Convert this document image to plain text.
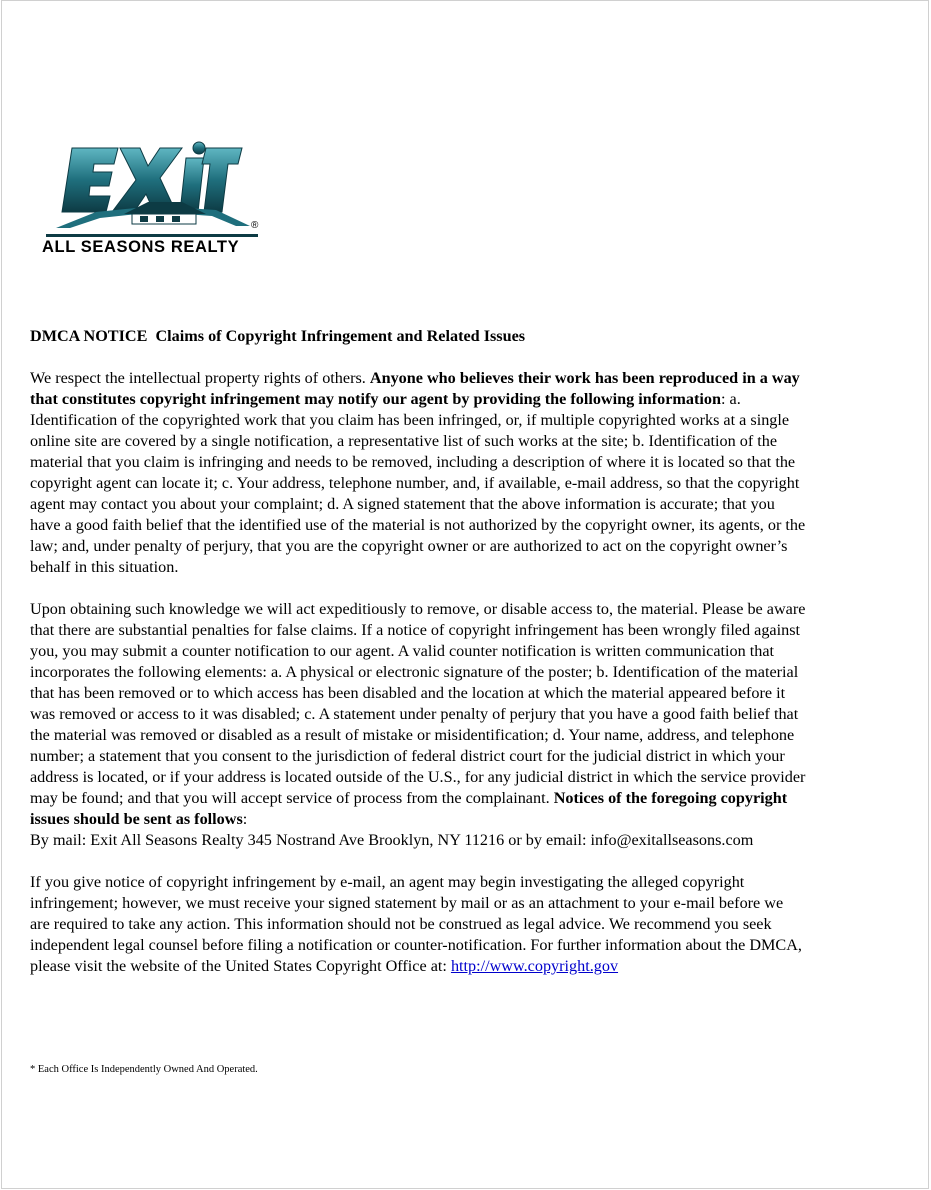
®
ALL SEASONS REALTY
DMCA NOTICE  Claims of Copyright Infringement and Related Issues
We respect the intellectual property rights of others. Anyone who believes their work has been reproduced in a way
that constitutes copyright infringement may notify our agent by providing the following information: a.
Identification of the copyrighted work that you claim has been infringed, or, if multiple copyrighted works at a single
online site are covered by a single notification, a representative list of such works at the site; b. Identification of the
material that you claim is infringing and needs to be removed, including a description of where it is located so that the
copyright agent can locate it; c. Your address, telephone number, and, if available, e-mail address, so that the copyright
agent may contact you about your complaint; d. A signed statement that the above information is accurate; that you
have a good faith belief that the identified use of the material is not authorized by the copyright owner, its agents, or the
law; and, under penalty of perjury, that you are the copyright owner or are authorized to act on the copyright owner’s
behalf in this situation.
Upon obtaining such knowledge we will act expeditiously to remove, or disable access to, the material. Please be aware
that there are substantial penalties for false claims. If a notice of copyright infringement has been wrongly filed against
you, you may submit a counter notification to our agent. A valid counter notification is written communication that
incorporates the following elements: a. A physical or electronic signature of the poster; b. Identification of the material
that has been removed or to which access has been disabled and the location at which the material appeared before it
was removed or access to it was disabled; c. A statement under penalty of perjury that you have a good faith belief that
the material was removed or disabled as a result of mistake or misidentification; d. Your name, address, and telephone
number; a statement that you consent to the jurisdiction of federal district court for the judicial district in which your
address is located, or if your address is located outside of the U.S., for any judicial district in which the service provider
may be found; and that you will accept service of process from the complainant. Notices of the foregoing copyright
issues should be sent as follows:
By mail: Exit All Seasons Realty 345 Nostrand Ave Brooklyn, NY 11216 or by email: info@exitallseasons.com
If you give notice of copyright infringement by e-mail, an agent may begin investigating the alleged copyright
infringement; however, we must receive your signed statement by mail or as an attachment to your e-mail before we
are required to take any action. This information should not be construed as legal advice. We recommend you seek
independent legal counsel before filing a notification or counter-notification. For further information about the DMCA,
please visit the website of the United States Copyright Office at: http://www.copyright.gov
* Each Office Is Independently Owned And Operated.
